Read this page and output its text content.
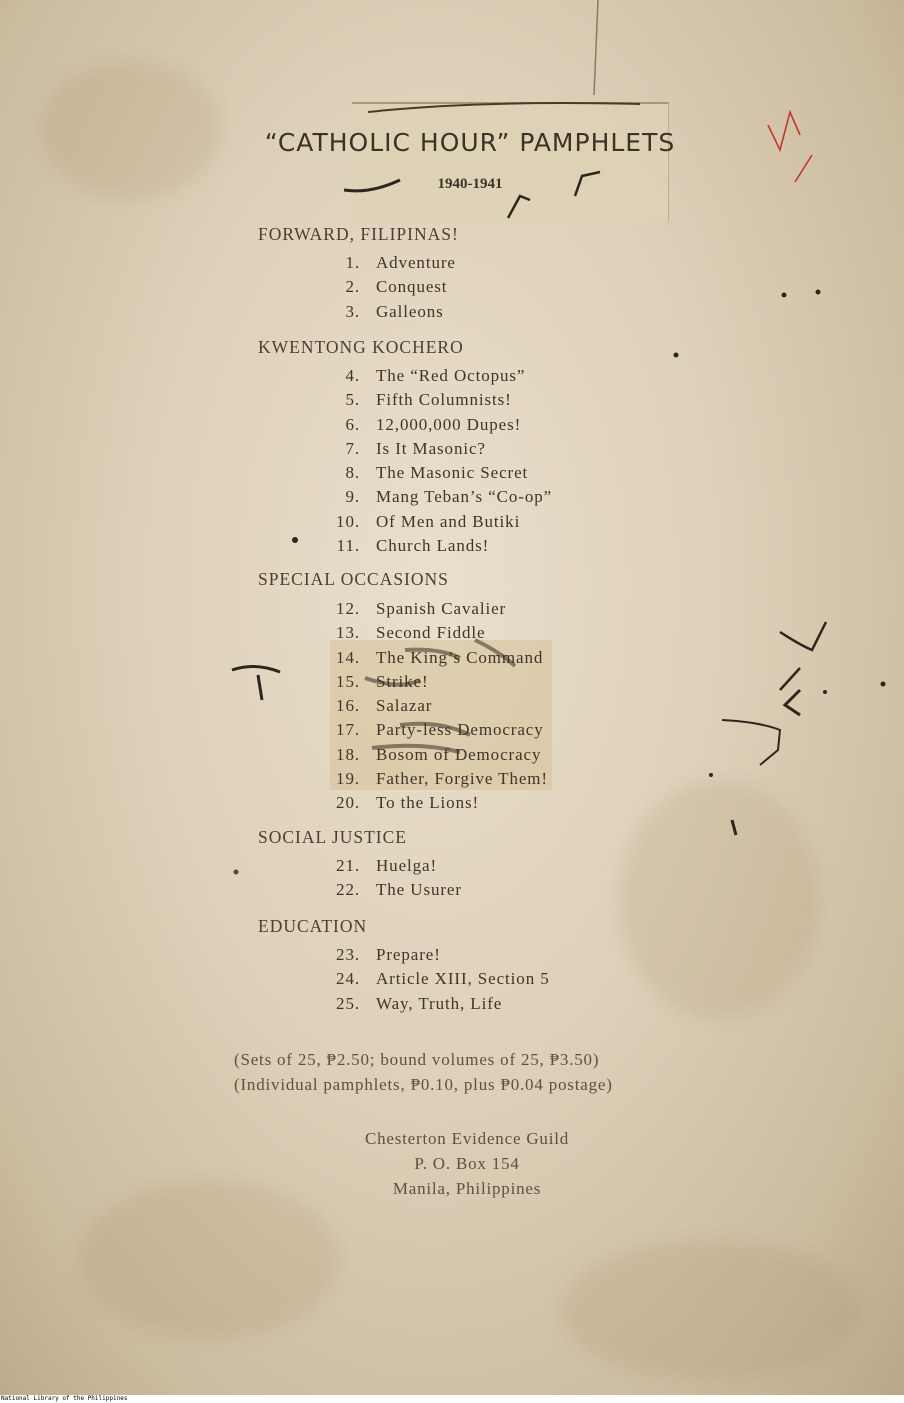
“CATHOLIC HOUR” PAMPHLETS
1940-1941
FORWARD, FILIPINAS!
1. Adventure
2. Conquest
3. Galleons
KWENTONG KOCHERO
4. The “Red Octopus”
5. Fifth Columnists!
6. 12,000,000 Dupes!
7. Is It Masonic?
8. The Masonic Secret
9. Mang Teban’s “Co-op”
10. Of Men and Butiki
11. Church Lands!
SPECIAL OCCASIONS
12. Spanish Cavalier
13. Second Fiddle
14. The King’s Command
15. Strike!
16. Salazar
17. Party-less Democracy
18. Bosom of Democracy
19. Father, Forgive Them!
20. To the Lions!
SOCIAL JUSTICE
21. Huelga!
22. The Usurer
EDUCATION
23. Prepare!
24. Article XIII, Section 5
25. Way, Truth, Life
(Sets of 25, ₱2.50; bound volumes of 25, ₱3.50)
(Individual pamphlets, ₱0.10, plus ₱0.04 postage)
Chesterton Evidence Guild
P. O. Box 154
Manila, Philippines
National Library of the Philippines
